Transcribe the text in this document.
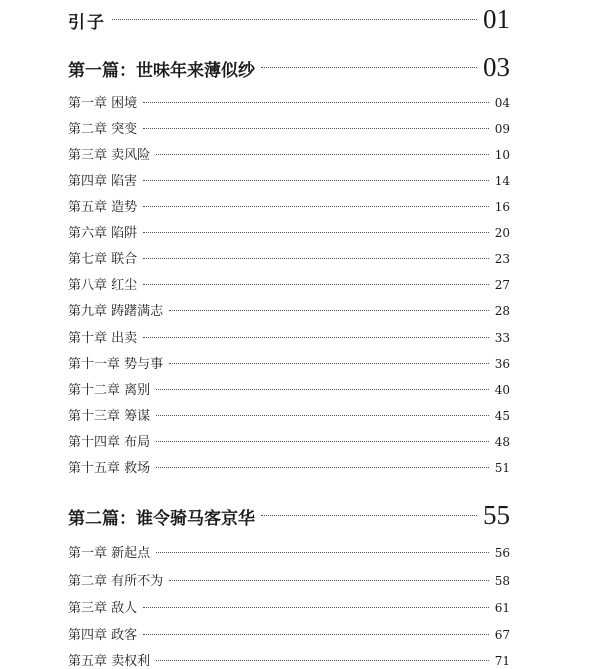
引子	01
第一篇：世味年来薄似纱	03
第一章 困境	04
第二章 突变	09
第三章 卖风险	10
第四章 陷害	14
第五章 造势	16
第六章 陷阱	20
第七章 联合	23
第八章 红尘	27
第九章 踌躇满志	28
第十章 出卖	33
第十一章 势与事	36
第十二章 离别	40
第十三章 筹谋	45
第十四章 布局	48
第十五章 救场	51
第二篇：谁令骑马客京华	55
第一章 新起点	56
第二章 有所不为	58
第三章 敌人	61
第四章 政客	67
第五章 卖权利	71
